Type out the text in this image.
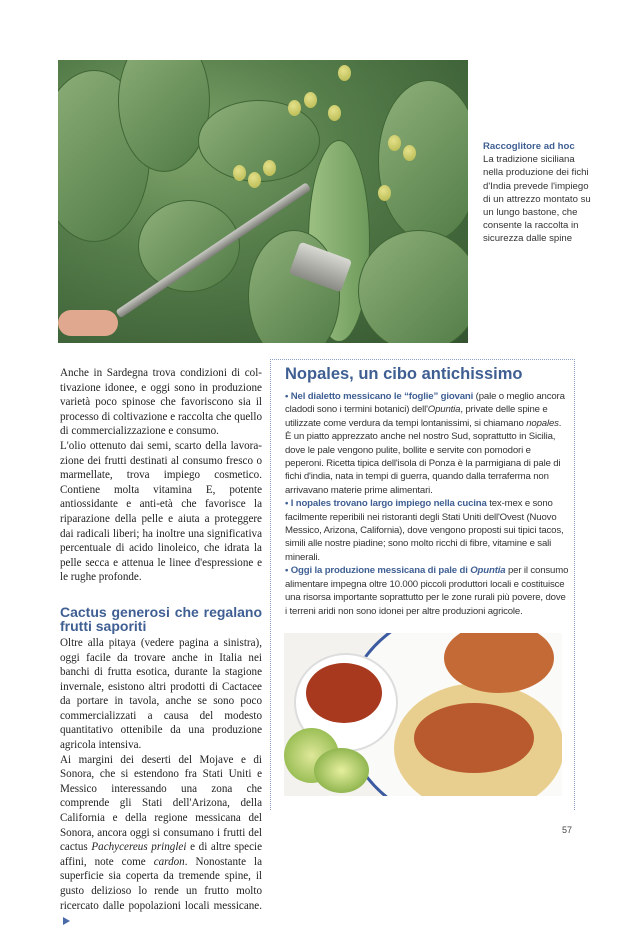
Raccoglitore ad hoc
La tradizione siciliana nella produzione dei fichi d'India prevede l'impiego di un attrezzo montato su un lungo bastone, che consente la raccolta in sicurezza dalle spine

Anche in Sardegna trova condizioni di coltivazione idonee, e oggi sono in produzione varietà poco spinose che favoriscono sia il processo di coltivazione e raccolta che quello di commercializzazione e consumo.

L'olio ottenuto dai semi, scarto della lavorazione dei frutti destinati al consumo fresco o marmellate, trova impiego cosmetico. Contiene molta vitamina E, potente antiossidante e anti-età che favorisce la riparazione della pelle e aiuta a proteggere dai radicali liberi; ha inoltre una significativa percentuale di acido linoleico, che idrata la pelle secca e attenua le linee d'espressione e le rughe profonde.

Cactus generosi che regalano frutti saporiti

Oltre alla pitaya (vedere pagina a sinistra), oggi facile da trovare anche in Italia nei banchi di frutta esotica, durante la stagione invernale, esistono altri prodotti di Cactacee da portare in tavola, anche se sono poco commercializzati a causa del modesto quantitativo ottenibile da una produzione agricola intensiva.

Ai margini dei deserti del Mojave e di Sonora, che si estendono fra Stati Uniti e Messico interessando una zona che comprende gli Stati dell'Arizona, della California e della regione messicana del Sonora, ancora oggi si consumano i frutti del cactus Pachycereus pringlei e di altre specie affini, note come cardon. Nonostante la superficie sia coperta da tremende spine, il gusto delizioso lo rende un frutto molto ricercato dalle popolazioni locali messicane.

Nopales, un cibo antichissimo

• Nel dialetto messicano le “foglie” giovani (pale o meglio ancora cladodi sono i termini botanici) dell'Opuntia, private delle spine e utilizzate come verdura da tempi lontanissimi, si chiamano nopales. È un piatto apprezzato anche nel nostro Sud, soprattutto in Sicilia, dove le pale vengono pulite, bollite e servite con pomodori e peperoni. Ricetta tipica dell'isola di Ponza è la parmigiana di pale di fichi d'india, nata in tempi di guerra, quando dalla terraferma non arrivavano materie prime alimentari.

• I nopales trovano largo impiego nella cucina tex-mex e sono facilmente reperibili nei ristoranti degli Stati Uniti dell'Ovest (Nuovo Messico, Arizona, California), dove vengono proposti sui tipici tacos, simili alle nostre piadine; sono molto ricchi di fibre, vitamine e sali minerali.

• Oggi la produzione messicana di pale di Opuntia per il consumo alimentare impegna oltre 10.000 piccoli produttori locali e costituisce una risorsa importante soprattutto per le zone rurali più povere, dove i terreni aridi non sono idonei per altre produzioni agricole.

57
